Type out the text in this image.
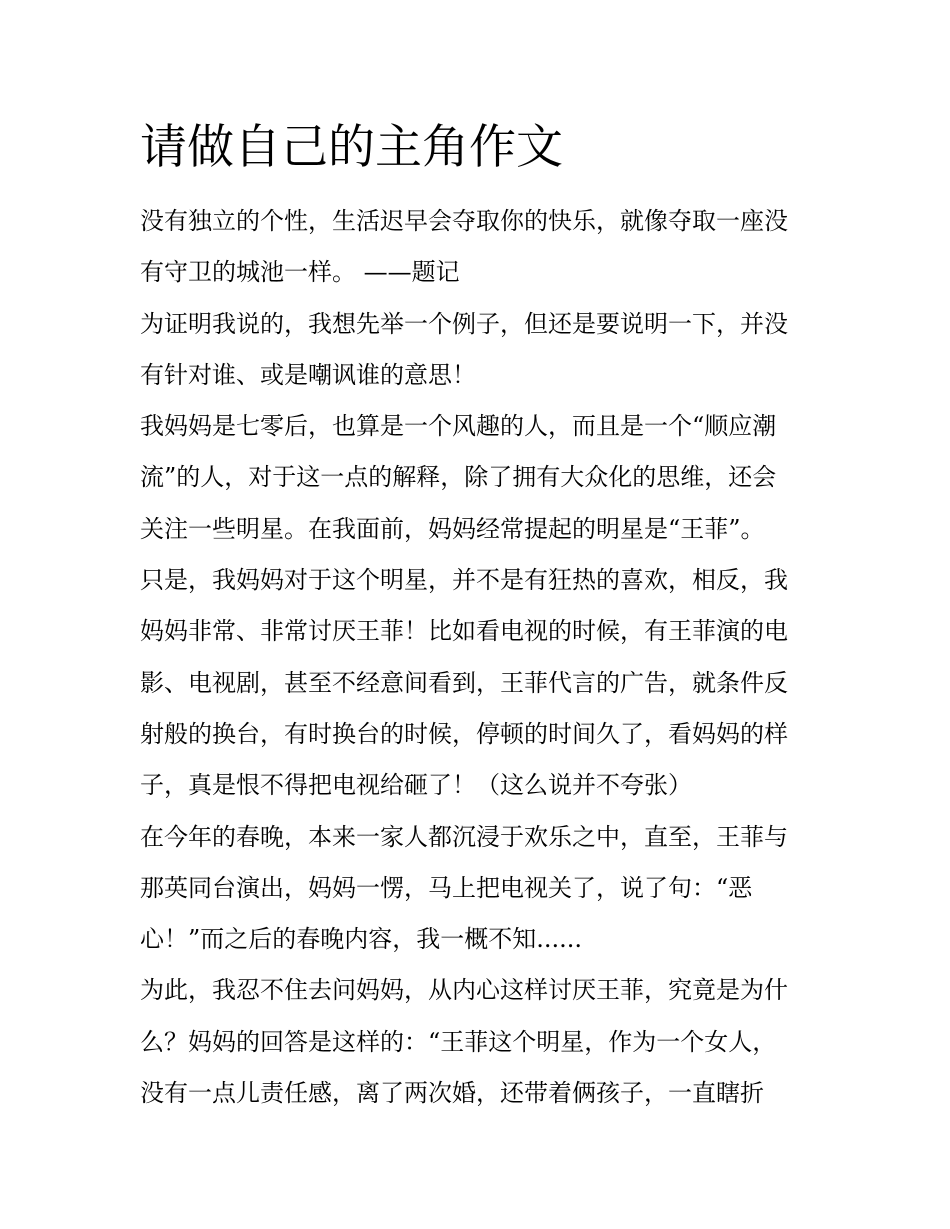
请做自己的主角作文
没有独立的个性，生活迟早会夺取你的快乐，就像夺取一座没
有守卫的城池一样。 ——题记
为证明我说的，我想先举一个例子，但还是要说明一下，并没
有针对谁、或是嘲讽谁的意思！
我妈妈是七零后，也算是一个风趣的人，而且是一个“顺应潮
流”的人，对于这一点的解释，除了拥有大众化的思维，还会
关注一些明星。在我面前，妈妈经常提起的明星是“王菲”。
只是，我妈妈对于这个明星，并不是有狂热的喜欢，相反，我
妈妈非常、非常讨厌王菲！比如看电视的时候，有王菲演的电
影、电视剧，甚至不经意间看到，王菲代言的广告，就条件反
射般的换台，有时换台的时候，停顿的时间久了，看妈妈的样
子，真是恨不得把电视给砸了！（这么说并不夸张）
在今年的春晚，本来一家人都沉浸于欢乐之中，直至，王菲与
那英同台演出，妈妈一愣，马上把电视关了，说了句：“恶
心！”而之后的春晚内容，我一概不知......
为此，我忍不住去问妈妈，从内心这样讨厌王菲，究竟是为什
么？妈妈的回答是这样的：“王菲这个明星，作为一个女人，
没有一点儿责任感，离了两次婚，还带着俩孩子，一直瞎折
